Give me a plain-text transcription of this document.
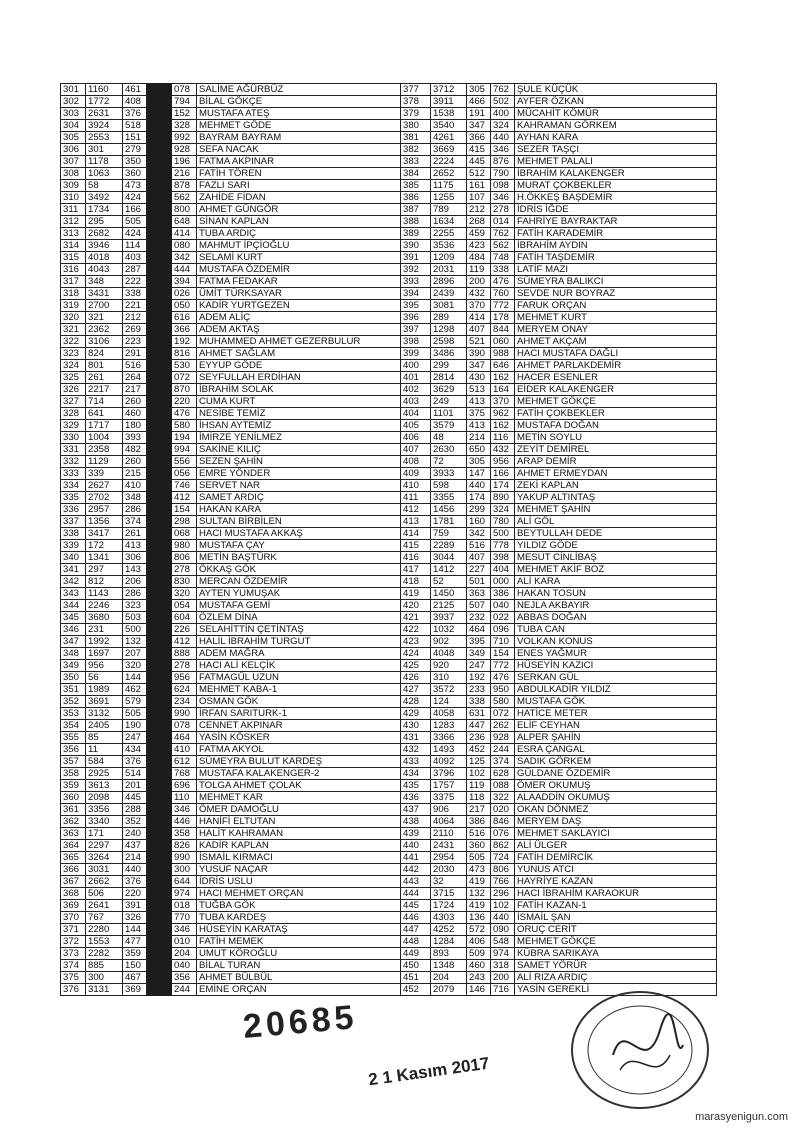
301	1160	461		078	SALİME AĞÜRBÜZ	377	3712	305	762	ŞULE KÜÇÜK
302	1772	408		794	BİLAL GÖKÇE	378	3911	466	502	AYFER ÖZKAN
303	2631	376		152	MUSTAFA ATEŞ	379	1538	191	400	MÜCAHİT KÖMÜR
304	3924	518		328	MEHMET GÖDE	380	3540	347	324	KAHRAMAN GÖRKEM
305	2553	151		992	BAYRAM BAYRAM	381	4261	366	440	AYHAN KARA
306	301	279		928	SEFA NACAK	382	3669	415	346	SEZER TAŞÇI
307	1178	350		196	FATMA AKPINAR	383	2224	445	876	MEHMET PALALI
308	1063	360		216	FATİH TÖREN	384	2652	512	790	İBRAHİM KALAKENGER
309	58	473		878	FAZLI SARI	385	1175	161	098	MURAT ÇOKBEKLER
310	3492	424		562	ZAHİDE FİDAN	386	1255	107	346	H.ÖKKEŞ BAŞDEMİR
311	1734	166		800	AHMET GÜNGÖR	387	789	212	278	İDRİS İĞDE
312	295	505		648	SİNAN KAPLAN	388	1634	268	014	FAHRİYE BAYRAKTAR
313	2682	424		414	TUBA ARDIÇ	389	2255	459	762	FATİH KARADEMİR
314	3946	114		080	MAHMUT İPÇİOĞLU	390	3536	423	562	İBRAHİM AYDIN
315	4018	403		342	SELAMİ KURT	391	1209	484	748	FATİH TAŞDEMİR
316	4043	287		444	MUSTAFA ÖZDEMİR	392	2031	119	338	LATİF MAZI
317	348	222		394	FATMA FEDAKAR	393	2896	200	476	SÜMEYRA BALIKCI
318	3431	338		026	ÜMİT TÜRKSAYAR	394	2439	432	760	SEVDE NUR BOYRAZ
319	2700	221		050	KADİR YURTGEZEN	395	3081	370	772	FARUK ORÇAN
320	321	212		616	ADEM ALİÇ	396	289	414	178	MEHMET KURT
321	2362	269		366	ADEM AKTAŞ	397	1298	407	844	MERYEM ONAY
322	3106	223		192	MUHAMMED AHMET GEZERBULUR	398	2598	521	060	AHMET AKÇAM
323	824	291		816	AHMET SAĞLAM	399	3486	390	988	HACI MUSTAFA DAĞLI
324	801	516		530	EYYUP GÖDE	400	299	347	646	AHMET PARLAKDEMİR
325	261	264		072	SEYFULLAH ERDİHAN	401	2814	430	162	HACER ESENLER
326	2217	217		870	İBRAHİM SOLAK	402	3629	513	164	EİDER KALAKENGER
327	714	260		220	CUMA KURT	403	249	413	370	MEHMET GÖKÇE
328	641	460		476	NESİBE TEMİZ	404	1101	375	962	FATİH ÇOKBEKLER
329	1717	180		580	İHSAN AYTEMİZ	405	3579	413	162	MUSTAFA DOĞAN
330	1004	393		194	İMİRZE YENİLMEZ	406	48	214	116	METİN SOYLU
331	2358	482		994	SAKİNE KILIÇ	407	2630	650	432	ZEYİT DEMİREL
332	1129	260		556	SEZEN ŞAHİN	408	72	305	956	ARAP DEMİR
333	339	215		056	EMRE YÖNDER	409	3933	147	166	AHMET ERMEYDAN
334	2627	410		746	SERVET NAR	410	598	440	174	ZEKİ KAPLAN
335	2702	348		412	SAMET ARDIÇ	411	3355	174	890	YAKUP ALTINTAŞ
336	2957	286		154	HAKAN KARA	412	1456	299	324	MEHMET ŞAHİN
337	1356	374		298	SULTAN BİRBİLEN	413	1781	160	780	ALİ GÖL
338	3417	261		068	HACI MUSTAFA AKKAŞ	414	759	342	500	BEYTULLAH DEDE
339	172	413		980	MUSTAFA ÇAY	415	2289	516	778	YILDIZ GÖDE
340	1341	306		806	METİN BAŞTÜRK	416	3044	407	398	MESUT CİNLİBAŞ
341	297	143		278	ÖKKAŞ GÖK	417	1412	227	404	MEHMET AKİF BOZ
342	812	206		830	MERCAN ÖZDEMİR	418	52	501	000	ALİ KARA
343	1143	286		320	AYTEN YUMUŞAK	419	1450	363	386	HAKAN TOSUN
344	2246	323		054	MUSTAFA GEMİ	420	2125	507	040	NEJLA AKBAYIR
345	3680	503		604	ÖZLEM DİNA	421	3937	232	022	ABBAS DOĞAN
346	231	500		226	SELAHİTTİN ÇETİNTAŞ	422	1032	464	096	TUBA CAN
347	1992	132		412	HALİL İBRAHİM TURGUT	423	902	395	710	VOLKAN KONUS
348	1697	207		888	ADEM MAĞRA	424	4048	349	154	ENES YAĞMUR
349	956	320		278	HACI ALİ KELÇİK	425	920	247	772	HÜSEYİN KAZICI
350	56	144		956	FATMAGÜL UZUN	426	310	192	476	SERKAN GÜL
351	1989	462		624	MEHMET KABA-1	427	3572	233	950	ABDULKADİR YILDIZ
352	3691	579		234	OSMAN GÖK	428	124	338	580	MUSTAFA GÖK
353	3132	505		990	İRFAN SARITURK-1	429	4058	631	072	HATİCE METER
354	2405	190		078	CENNET AKPINAR	430	1283	447	262	ELİF CEYHAN
355	85	247		464	YASİN KÖSKER	431	3366	236	928	ALPER ŞAHİN
356	11	434		410	FATMA AKYOL	432	1493	452	244	ESRA ÇANGAL
357	584	376		612	SÜMEYRA BULUT KARDEŞ	433	4092	125	374	SADIK GÖRKEM
358	2925	514		768	MUSTAFA KALAKENGER-2	434	3796	102	628	GÜLDANE ÖZDEMİR
359	3613	201		696	TOLGA AHMET ÇOLAK	435	1757	119	088	ÖMER OKUMUŞ
360	2098	445		110	MEHMET KAR	436	3375	118	322	ALAADDİN OKUMUŞ
361	3356	288		346	ÖMER DAMOĞLU	437	906	217	020	OKAN DÖNMEZ
362	3340	352		446	HANİFİ ELTUTAN	438	4064	386	846	MERYEM DAŞ
363	171	240		358	HALİT KAHRAMAN	439	2110	516	076	MEHMET SAKLAYICI
364	2297	437		826	KADİR KAPLAN	440	2431	360	862	ALİ ÜLGER
365	3264	214		990	İSMAİL KIRMACI	441	2954	505	724	FATİH DEMİRCİK
366	3031	440		300	YUSUF NAÇAR	442	2030	473	806	YUNUS ATCI
367	2662	376		644	İDRİS USLU	443	32	419	766	HAYRİYE KAZAN
368	506	220		974	HACI MEHMET ORÇAN	444	3715	132	296	HACI İBRAHİM KARAOKUR
369	2641	391		018	TUĞBA GÖK	445	1724	419	102	FATİH KAZAN-1
370	767	326		770	TUBA KARDEŞ	446	4303	136	440	İSMAİL ŞAN
371	2280	144		346	HÜSEYİN KARATAŞ	447	4252	572	090	ORUÇ CERİT
372	1553	477		010	FATİH MEMEK	448	1284	406	548	MEHMET GÖKÇE
373	2282	359		204	UMUT KÖROĞLU	449	893	509	974	KÜBRA SARIKAYA
374	885	150		040	BİLAL TURAN	450	1348	460	318	SAMET YÖRÜR
375	300	467		356	AHMET BÜLBÜL	451	204	243	200	ALİ RIZA ARDIÇ
376	3131	369		244	EMİNE ORÇAN	452	2079	146	716	YASİN GEREKLİ
20685
2 1 Kasım 2017
marasyenigun.com
